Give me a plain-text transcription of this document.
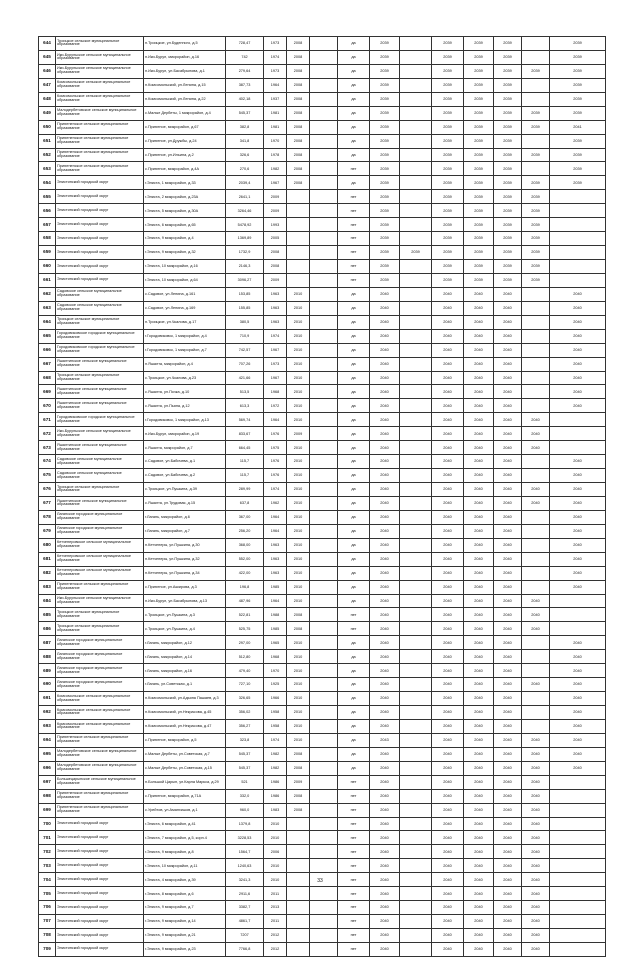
644	Троицкое сельское муниципальное образование	п.Троицкое, ул.Буденного, д.5	728,47	1973	2008		да	2039		2039	2039	2039		2039
645	Ики-Бурульское сельское муниципальное образование	п.Ики-Бурул, микрорайон, д.16	742	1974	2008		да	2039		2039	2039	2039		2039
646	Ики-Бурульское сельское муниципальное образование	п.Ики-Бурул, ул.Басабрынова, д.1	279,64	1973	2008		да	2039		2039	2039	2039	2039	2039
647	Комсомольское сельское муниципальное образование	п.Комсомольский, ул.Ленина, д.15	387,73	1964	2008		да	2039		2039	2039	2039		2039
648	Комсомольское сельское муниципальное образование	п.Комсомольский, ул.Ленина, д.22	402,18	1937	2008		да	2039		2039	2039	2039		2039
649	Малодербетовское сельское муниципальное образование	с.Малые Дербеты, 1 микрорайон, д.4	545,37	1981	2008		да	2039		2039	2039	2039	2039	2039
650	Приютненское сельское муниципальное образование	с.Приютное, микрорайон, д.67	382,8	1981	2008		да	2039		2039	2039	2039	2039	2041
651	Приютненское сельское муниципальное образование	с.Приютное, ул.Дружбы, д.24	341,8	1970	2008		да	2039		2039	2039	2039		2039
652	Приютненское сельское муниципальное образование	с.Приютное, ул.Ильина, д.2	326,6	1978	2008		да	2039		2039	2039	2039	2039	2039
653	Приютненское сельское муниципальное образование	с.Приютное, микрорайон, д.4А	270,6	1982	2008		нет	2039		2039	2039	2039		2039
654	Элистинский городской округ	г.Элиста, 1 микрорайон, д.33	2039,4	1967	2008		да	2039		2039	2039	2039	2039	2039
655	Элистинский городской округ	г.Элиста, 2 микрорайон, д.23А	2641,1	2009			нет	2039		2039	2039	2039	2039	
656	Элистинский городской округ	г.Элиста, 5 микрорайон, д.30А	3264,46	2009			нет	2039		2039	2039	2039	2039	
657	Элистинский городской округ	г.Элиста, 6 микрорайон, д.65	5478,92	1993			нет	2039		2039	2039	2039	2039	
658	Элистинский городской округ	г.Элиста, 9 микрорайон, д.4	1369,89	2005			нет	2039		2039	2039	2039	2039	
659	Элистинский городской округ	г.Элиста, 9 микрорайон, д.32	1732,9	2008			нет	2039	2039	2039	2039	2039	2039	
660	Элистинский городской округ	г.Элиста, 10 микрорайон, д.16	2146,3	2008			нет	2039		2039	2039	2039	2039	
661	Элистинский городской округ	г.Элиста, 10 микрорайон, д.64	3096,27	2009			нет	2039		2039	2039	2039	2039	
662	Садовское сельское муниципальное образование	с.Садовое, ул.Ленина, д.161	153,85	1963	2010		да	2040		2040	2040	2040		2040
663	Садовское сельское муниципальное образование	с.Садовое, ул.Ленина, д.169	155,85	1963	2010		да	2040		2040	2040	2040		2040
664	Троицкое сельское муниципальное образование	п.Троицкое, ул.Чкалова, д.17	380,5	1963	2010		да	2040		2040	2040	2040		2040
665	Городовиковское городское муниципальное образование	г.Городовиковск, 1 микрорайон, д.4	710,9	1974	2010		да	2040		2040	2040	2040		2040
666	Городовиковское городское муниципальное образование	г.Городовиковск, 1 микрорайон, д.7	742,57	1967	2010		да	2040		2040	2040	2040		2040
667	Яшалтинское сельское муниципальное образование	п.Яшалта, микрорайон, д.4	707,26	1973	2010		да	2040		2040	2040	2040		2040
668	Троицкое сельское муниципальное образование	с.Троицкое, ул.Чкалова, д.23	421,66	1967	2010		да	2040		2040	2040	2040		2040
669	Яшалтинское сельское муниципальное образование	с.Яшалта, ул.Почка, д.10	513,5	1968	2010		да	2040		2040	2040	2040		2040
670	Яшалтинское сельское муниципальное образование	с.Яшалта, ул.Пьяна, д.12	613,3	1972	2010		да	2040		2040	2040	2040		2040
671	Городовиковское городское муниципальное образование	г.Городовиковск, 1 микрорайон, д.13	569,74	1964	2010		да	2040		2040	2040	2040	2040	
672	Ики-Бурульское сельское муниципальное образование	п.Ики-Бурул, микрорайон, д.19	833,67	1976	2009		да	2040		2040	2040	2040	2040	
673	Яшалтинское сельское муниципальное образование	с.Яшалта, микрорайон, д.7	664,45	1975	2010		да	2040		2040	2040	2040	2040	
674	Садовское сельское муниципальное образование	с.Садовое, ул.Бабичева, д.1	115,7	1976	2010		да	2040		2040	2040	2040		2040
675	Садовское сельское муниципальное образование	с.Садовое, ул.Бабичева, д.2	115,7	1976	2010		да	2040		2040	2040	2040		2040
676	Троицкое сельское муниципальное образование	с.Троицкое, ул.Пушкина, д.39	289,99	1974	2010		да	2040		2040	2040	2040	2040	2040
677	Яшалтинское сельское муниципальное образование	с.Яшалта, ул.Трудовая, д.15	637,8	1962	2010		да	2040		2040	2040	2040	2040	2040
678	Лаганское городское муниципальное образование	г.Лагань, микрорайон, д.6	367,00	1964	2010		да	2040		2040	2040	2040		2040
679	Лаганское городское муниципальное образование	г.Лагань, микрорайон, д.7	256,20	1964	2010		да	2040		2040	2040	2040		2040
680	Кетченеровское сельское муниципальное образование	п.Кетченеры, ул.Пушкина, д.30	368,00	1963	2010		да	2040		2040	2040	2040		2040
681	Кетченеровское сельское муниципальное образование	п.Кетченеры, ул.Пушкина, д.32	552,00	1963	2010		да	2040		2040	2040	2040		2040
682	Кетченеровское сельское муниципальное образование	п.Кетченеры, ул.Пушкина, д.34	422,00	1963	2010		да	2040		2040	2040	2040		2040
683	Приютненское сельское муниципальное образование	с.Приютное, ул.Аккирова, д.3	196,8	1985	2010		да	2040		2040	2040	2040		2040
684	Ики-Бурульское сельское муниципальное образование	п.Ики-Бурул, ул.Басабрынова, д.13	487,96	1964	2010		да	2040		2040	2040	2040	2040	
685	Троицкое сельское муниципальное образование	с.Троицкое, ул.Пушкина, д.3	522,81	1988	2008		нет	2040		2040	2040	2040	2040	
686	Троицкое сельское муниципальное образование	с.Троицкое, ул.Пушкина, д.4	525,75	1985	2008		нет	2040		2040	2040	2040	2040	
687	Лаганское городское муниципальное образование	г.Лагань, микрорайон, д.12	297,00	1965	2010		да	2040		2040	2040	2040		2040
688	Лаганское городское муниципальное образование	г.Лагань, микрорайон, д.14	512,80	1968	2010		да	2040		2040	2040	2040		2040
689	Лаганское городское муниципальное образование	г.Лагань, микрорайон, д.16	479,40	1970	2010		да	2040		2040	2040	2040		2040
690	Лаганское городское муниципальное образование	г.Лагань, ул.Советская, д.1	727,10	1925	2010		да	2040		2040	2040	2040	2040	2040
691	Комсомольское сельское муниципальное образование	п.Комсомольский, ул.Адьяна Пашаев, д.3	326,65	1966	2010		да	2040		2040	2040	2040		2040
692	Комсомольское сельское муниципальное образование	п.Комсомольский, ул.Некрасова, д.45	356,02	1958	2010		да	2040		2040	2040	2040		2040
693	Комсомольское сельское муниципальное образование	п.Комсомольский, ул.Некрасова, д.47	356,27	1958	2010		да	2040		2040	2040	2040		2040
694	Приютненское сельское муниципальное образование	с.Приютное, микрорайон, д.5	323,8	1974	2010		да	2043		2040	2040	2040	2040	2040
695	Малодербетовское сельское муниципальное образование	с.Малые Дербеты, ул.Советская, д.7	545,37	1982	2008		да	2040		2040	2040	2040	2040	2040
696	Малодербетовское сельское муниципальное образование	с.Малые Дербеты, ул.Советская, д.15	545,37	1982	2008		да	2040		2040	2040	2040	2040	2040
697	Большецарынское сельское муниципальное образование	п.Большой Царын, ул.Карла Маркса, д.29	521	1986	2009		нет	2040		2040	2040	2040	2040	
698	Приютненское сельское муниципальное образование	с.Приютное, микрорайон, д.71А	332,0	1986	2008		нет	2040		2040	2040	2040	2040	
699	Приютненское сельское муниципальное образование	с.Урейтов, ул.Аманхишов, д.1	960,0	1983	2008		нет	2040		2040	2040	2040	2040	
700	Элистинский городской округ	г.Элиста, 6 микрорайон, д.41	1379,8	2010			нет	2040		2040	2040	2040	2040	
701	Элистинский городской округ	г.Элиста, 7 микрорайон, д.5, корп.4	3228,53	2010			нет	2040		2040	2040	2040	2040	
702	Элистинский городской округ	г.Элиста, 9 микрорайон, д.8	1564,7	2006			нет	2040		2040	2040	2040	2040	
703	Элистинский городской округ	г.Элиста, 10 микрорайон, д.11	1240,63	2010			нет	2040		2040	2040	2040	2040	
704	Элистинский городской округ	г.Элиста, 4 микрорайон, д.39	3241,3	2010			нет	2040		2040	2040	2040	2040	
705	Элистинский городской округ	г.Элиста, 8 микрорайон, д.6	2911,6	2011			нет	2040		2040	2040	2040	2040	
706	Элистинский городской округ	г.Элиста, 9 микрорайон, д.7	3382,7	2013			нет	2040		2040	2040	2040	2040	
707	Элистинский городской округ	г.Элиста, 9 микрорайон, д.14	4861,7	2011			нет	2040		2040	2040	2040	2040	
708	Элистинский городской округ	г.Элиста, 9 микрорайон, д.21	7207	2012			нет	2040		2040	2040	2040	2040	
709	Элистинский городской округ	г.Элиста, 9 микрорайон, д.23	7766,8	2012			нет	2040		2040	2040	2040	2040	
33
